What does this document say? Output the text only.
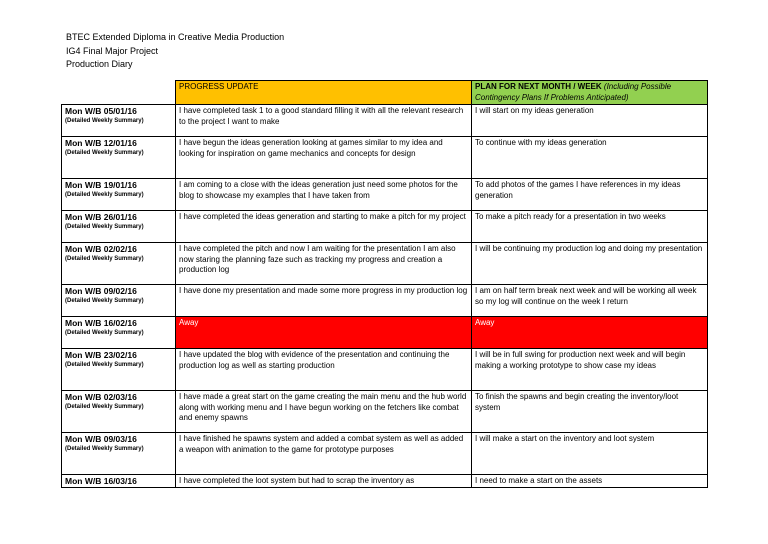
BTEC Extended Diploma in Creative Media Production
IG4 Final Major Project
Production Diary
	PROGRESS UPDATE	PLAN FOR NEXT MONTH / WEEK (Including Possible Contingency Plans If Problems Anticipated)

Mon W/B 05/01/16
(Detailed Weekly Summary)	I have completed task 1 to a good standard filling it with all the relevant research to the project I want to make	I will start on my ideas generation

Mon W/B 12/01/16
(Detailed Weekly Summary)	I have begun the ideas generation looking at games similar to my idea and looking for inspiration on game mechanics and concepts for design	To continue with my ideas generation

Mon W/B 19/01/16
(Detailed Weekly Summary)	I am coming to a close with the ideas generation just need some photos for the blog to showcase my examples that I have taken from	To add photos of the games I have references in my ideas generation

Mon W/B 26/01/16
(Detailed Weekly Summary)	I have completed the ideas generation and starting to make a pitch for my project	To make a pitch ready for a presentation in two weeks

Mon W/B 02/02/16
(Detailed Weekly Summary)	I have completed the pitch and now I am waiting for the presentation I am also now staring the planning faze such as tracking my progress and creation a production log	I will be continuing my production log and doing my presentation

Mon W/B 09/02/16
(Detailed Weekly Summary)	I have done my presentation and made some more progress in my production log	I am on half term break next week and will be working all week so my log will continue on the week I return

Mon W/B 16/02/16
(Detailed Weekly Summary)	Away	Away

Mon W/B 23/02/16
(Detailed Weekly Summary)	I have updated the blog with evidence of the presentation and continuing the production log as well as starting production	I will be in full swing for production next week and will begin making a working prototype to show case my ideas

Mon W/B 02/03/16
(Detailed Weekly Summary)	I have made a great start on the game creating the main menu and the hub world along with working menu and I have begun working on the fetchers like combat and enemy spawns	To finish the spawns and begin creating the inventory/loot system

Mon W/B 09/03/16
(Detailed Weekly Summary)	I have finished he spawns system and added a combat system as well as added a weapon with animation to the game for prototype purposes	I will make a start on the inventory and loot system

Mon W/B 16/03/16	I have completed the loot system but had to scrap the inventory as	I need to make a start on the assets
